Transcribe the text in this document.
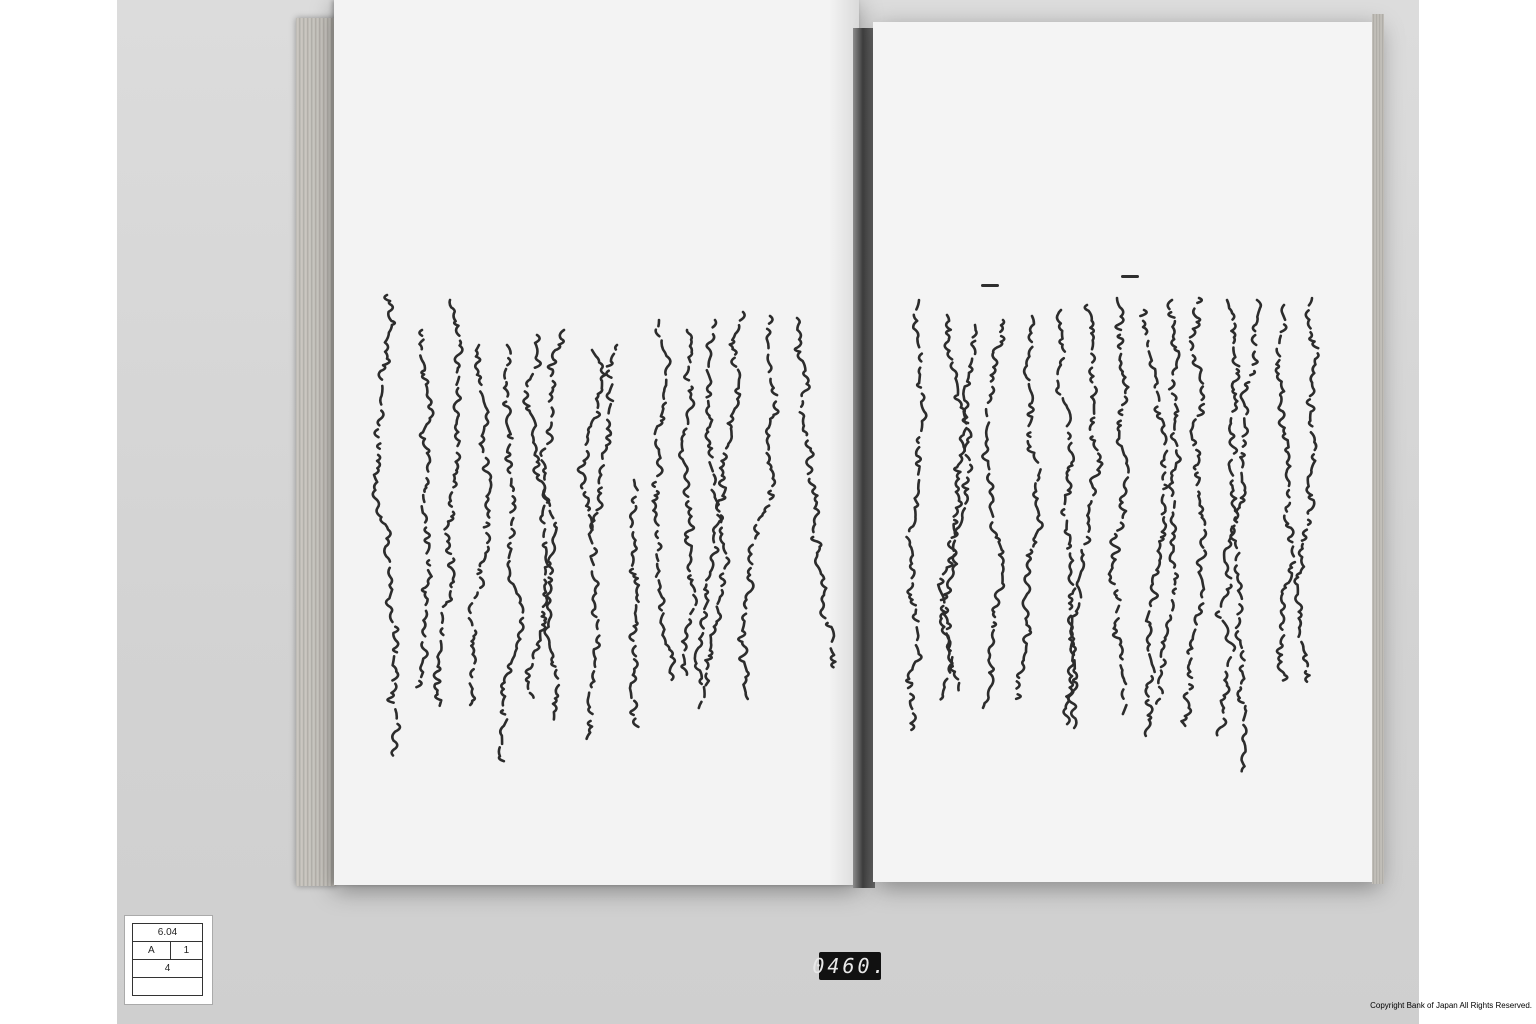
6.04
A	1
4
	0460.
Copyright Bank of Japan All Rights Reserved.
